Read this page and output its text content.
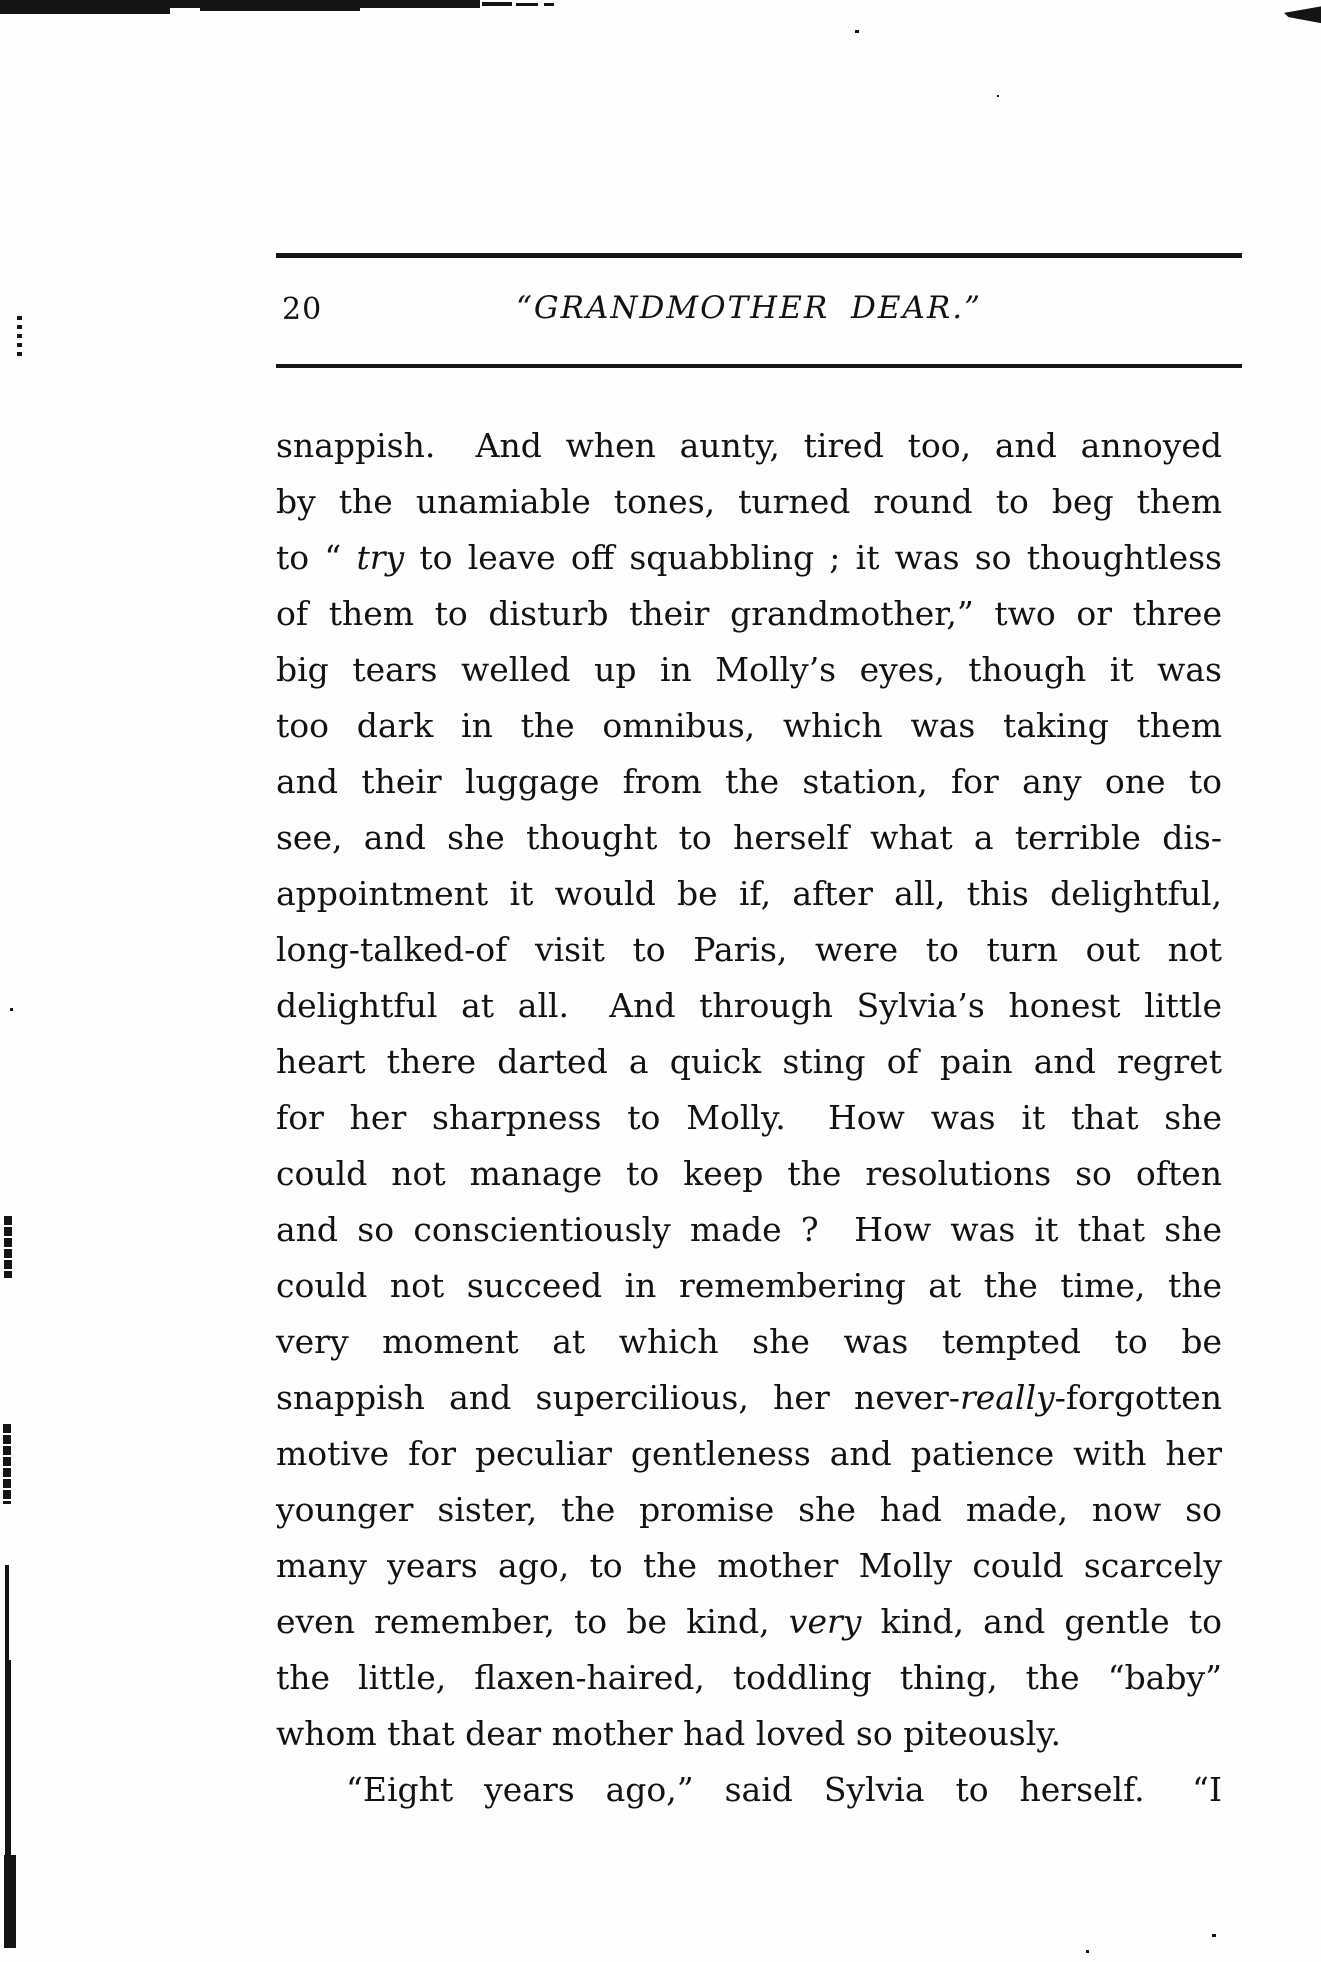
20	“GRANDMOTHER DEAR.”
snappish.  And when aunty, tired too, and annoyed
by the unamiable tones, turned round to beg them
to “ try to leave off squabbling ; it was so thoughtless
of them to disturb their grandmother,” two or three
big tears welled up in Molly’s eyes, though it was
too dark in the omnibus, which was taking them
and their luggage from the station, for any one to
see, and she thought to herself what a terrible dis-
appointment it would be if, after all, this delightful,
long-talked-of visit to Paris, were to turn out not
delightful at all.  And through Sylvia’s honest little
heart there darted a quick sting of pain and regret
for her sharpness to Molly.  How was it that she
could not manage to keep the resolutions so often
and so conscientiously made ?  How was it that she
could not succeed in remembering at the time, the
very moment at which she was tempted to be
snappish and supercilious, her never-really-forgotten
motive for peculiar gentleness and patience with her
younger sister, the promise she had made, now so
many years ago, to the mother Molly could scarcely
even remember, to be kind, very kind, and gentle to
the little, flaxen-haired, toddling thing, the “baby”
whom that dear mother had loved so piteously.
“Eight years ago,” said Sylvia to herself.  “I
